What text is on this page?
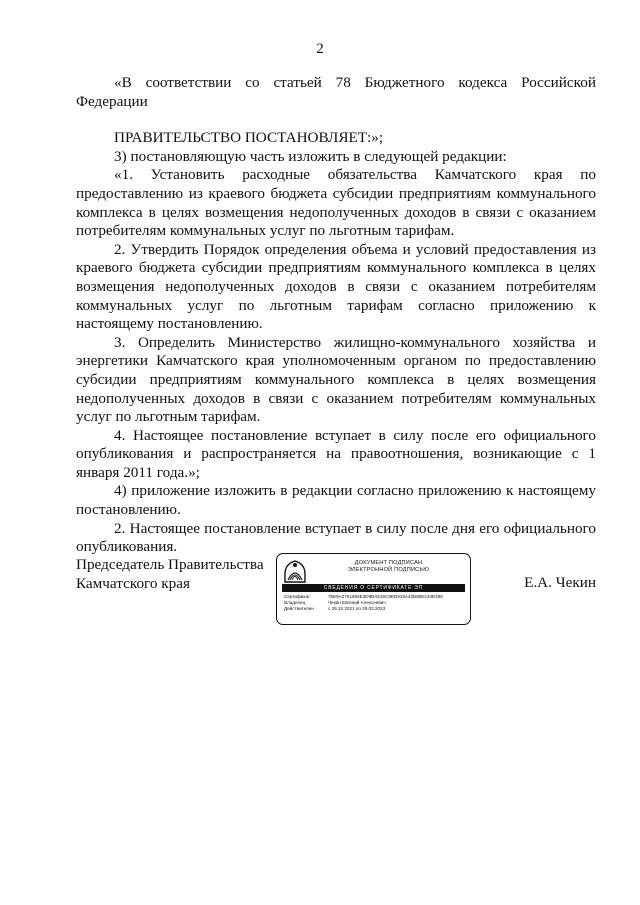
2

«В соответствии со статьей 78 Бюджетного кодекса Российской Федерации

ПРАВИТЕЛЬСТВО ПОСТАНОВЛЯЕТ:»;

3) постановляющую часть изложить в следующей редакции:

«1. Установить расходные обязательства Камчатского края по предоставлению из краевого бюджета субсидии предприятиям коммунального комплекса в целях возмещения недополученных доходов в связи с оказанием потребителям коммунальных услуг по льготным тарифам.

2. Утвердить Порядок определения объема и условий предоставления из краевого бюджета субсидии предприятиям коммунального комплекса в целях возмещения недополученных доходов в связи с оказанием потребителям коммунальных услуг по льготным тарифам согласно приложению к настоящему постановлению.

3. Определить Министерство жилищно-коммунального хозяйства и энергетики Камчатского края уполномоченным органом по предоставлению субсидии предприятиям коммунального комплекса в целях возмещения недополученных доходов в связи с оказанием потребителям коммунальных услуг по льготным тарифам.

4. Настоящее постановление вступает в силу после его официального опубликования и распространяется на правоотношения, возникающие с 1 января 2011 года.»;

4) приложение изложить в редакции согласно приложению к настоящему постановлению.

2. Настоящее постановление вступает в силу после дня его официального опубликования.

Председатель Правительства
Камчатского края
ДОКУМЕНТ ПОДПИСАН
ЭЛЕКТРОННОЙ ПОДПИСЬЮ
СВЕДЕНИЯ О СЕРТИФИКАТЕ ЭП
Сертификат	76E9A2751694E3D9BA519C9ED918A42B88E234E299
Владелец	Чекин Евгений Алексеевич
Действителен	с 29.12.2021 по 29.03.2023
Е.А. Чекин
